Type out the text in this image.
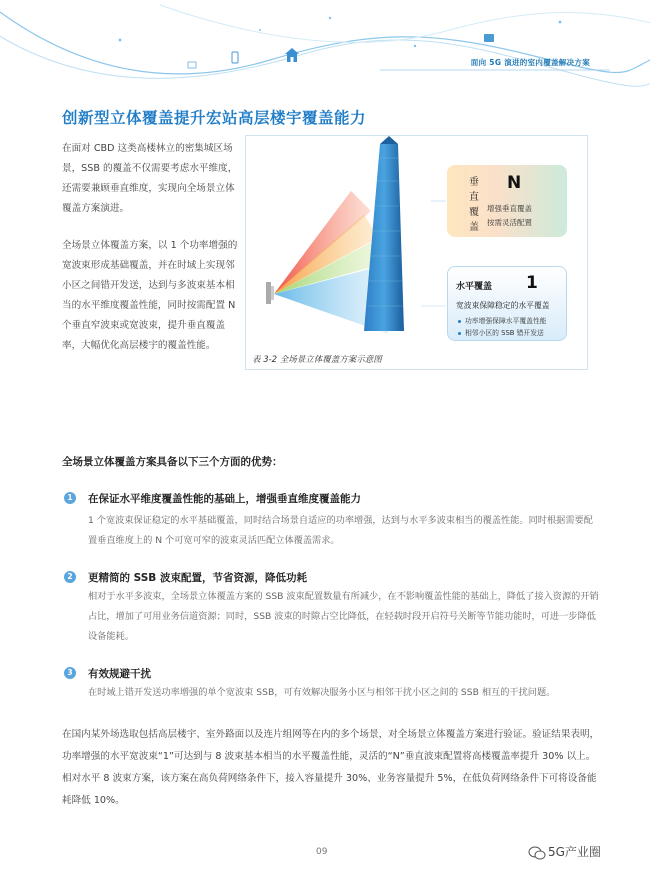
面向 5G 演进的室内覆盖解决方案
创新型立体覆盖提升宏站高层楼宇覆盖能力

在面对 CBD 这类高楼林立的密集城区场景，SSB 的覆盖不仅需要考虑水平维度，还需要兼顾垂直维度，实现向全场景立体覆盖方案演进。

全场景立体覆盖方案，以 1 个功率增强的宽波束形成基础覆盖，并在时域上实现邻小区之间错开发送，达到与多波束基本相当的水平维度覆盖性能，同时按需配置 N 个垂直窄波束或宽波束，提升垂直覆盖率，大幅优化高层楼宇的覆盖性能。

垂直覆盖
N
增强垂直覆盖
按需灵活配置
水平覆盖 1
宽波束保障稳定的水平覆盖
功率增强保障水平覆盖性能
相邻小区的 SSB 错开发送
表 3-2 全场景立体覆盖方案示意图
全场景立体覆盖方案具备以下三个方面的优势：
1	在保证水平维度覆盖性能的基础上，增强垂直维度覆盖能力

1 个宽波束保证稳定的水平基础覆盖，同时结合场景自适应的功率增强，达到与水平多波束相当的覆盖性能。同时根据需要配置垂直维度上的 N 个可宽可窄的波束灵活匹配立体覆盖需求。

2	更精简的 SSB 波束配置，节省资源，降低功耗

相对于水平多波束，全场景立体覆盖方案的 SSB 波束配置数量有所减少，在不影响覆盖性能的基础上，降低了接入资源的开销占比，增加了可用业务信道资源；同时，SSB 波束的时隙占空比降低，在轻载时段开启符号关断等节能功能时，可进一步降低设备能耗。

3	有效规避干扰

在时域上错开发送功率增强的单个宽波束 SSB，可有效解决服务小区与相邻干扰小区之间的 SSB 相互的干扰问题。

在国内某外场选取包括高层楼宇、室外路面以及连片组网等在内的多个场景，对全场景立体覆盖方案进行验证。验证结果表明，功率增强的水平宽波束“1”可达到与 8 波束基本相当的水平覆盖性能，灵活的“N”垂直波束配置将高楼覆盖率提升 30% 以上。相对水平 8 波束方案，该方案在高负荷网络条件下，接入容量提升 30%、业务容量提升 5%，在低负荷网络条件下可将设备能耗降低 10%。

09	5G产业圈
